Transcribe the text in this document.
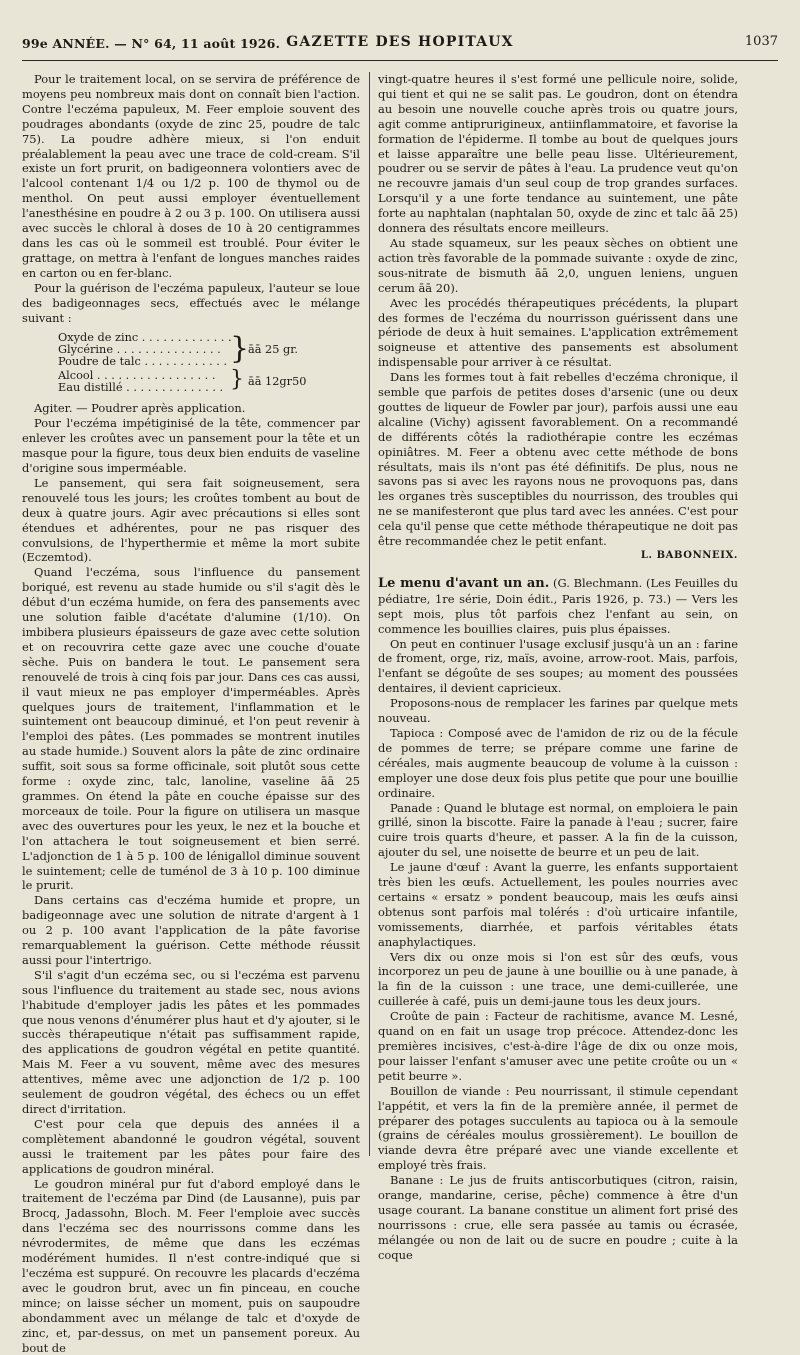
99e ANNÉE. — N° 64, 11 août 1926. GAZETTE DES HOPITAUX	1037

Pour le traitement local, on se servira de préférence de moyens peu nombreux mais dont on connaît bien l'action. Contre l'eczéma papuleux, M. Feer emploie souvent des poudrages abondants (oxyde de zinc 25, poudre de talc 75). La poudre adhère mieux, si l'on enduit préalablement la peau avec une trace de cold-cream. S'il existe un fort prurit, on badigeonnera volontiers avec de l'alcool contenant 1/4 ou 1/2 p. 100 de thymol ou de menthol. On peut aussi employer éventuellement l'anesthésine en poudre à 2 ou 3 p. 100. On utilisera aussi avec succès le chloral à doses de 10 à 20 centigrammes dans les cas où le sommeil est troublé. Pour éviter le grattage, on mettra à l'enfant de longues manches raides en carton ou en fer-blanc.

Pour la guérison de l'eczéma papuleux, l'auteur se loue des badigeonnages secs, effectués avec le mélange suivant :

Oxyde de zinc . . . . . . . . . . . . .
Glycérine . . . . . . . . . . . . . . .
Poudre de talc . . . . . . . . . . . .
Alcool . . . . . . . . . . . . . . . . .
Eau distillé . . . . . . . . . . . . . .
}
}
āā 25 gr.
āā 12gr50

Agiter. — Poudrer après application.

Pour l'eczéma impétiginisé de la tête, commencer par enlever les croûtes avec un pansement pour la tête et un masque pour la figure, tous deux bien enduits de vaseline d'origine sous imperméable.

Le pansement, qui sera fait soigneusement, sera renouvelé tous les jours; les croûtes tombent au bout de deux à quatre jours. Agir avec précautions si elles sont étendues et adhérentes, pour ne pas risquer des convulsions, de l'hyperthermie et même la mort subite (Eczemtod).

Quand l'eczéma, sous l'influence du pansement boriqué, est revenu au stade humide ou s'il s'agit dès le début d'un eczéma humide, on fera des pansements avec une solution faible d'acétate d'alumine (1/10). On imbibera plusieurs épaisseurs de gaze avec cette solution et on recouvrira cette gaze avec une couche d'ouate sèche. Puis on bandera le tout. Le pansement sera renouvelé de trois à cinq fois par jour. Dans ces cas aussi, il vaut mieux ne pas employer d'imperméables. Après quelques jours de traitement, l'inflammation et le suintement ont beaucoup diminué, et l'on peut revenir à l'emploi des pâtes. (Les pommades se montrent inutiles au stade humide.) Souvent alors la pâte de zinc ordinaire suffit, soit sous sa forme officinale, soit plutôt sous cette forme : oxyde zinc, talc, lanoline, vaseline āā 25 grammes. On étend la pâte en couche épaisse sur des morceaux de toile. Pour la figure on utilisera un masque avec des ouvertures pour les yeux, le nez et la bouche et l'on attachera le tout soigneusement et bien serré. L'adjonction de 1 à 5 p. 100 de lénigallol diminue souvent le suintement; celle de tuménol de 3 à 10 p. 100 diminue le prurit.

Dans certains cas d'eczéma humide et propre, un badigeonnage avec une solution de nitrate d'argent à 1 ou 2 p. 100 avant l'application de la pâte favorise remarquablement la guérison. Cette méthode réussit aussi pour l'intertrigo.

S'il s'agit d'un eczéma sec, ou si l'eczéma est parvenu sous l'influence du traitement au stade sec, nous avions l'habitude d'employer jadis les pâtes et les pommades que nous venons d'énumérer plus haut et d'y ajouter, si le succès thérapeutique n'était pas suffisamment rapide, des applications de goudron végétal en petite quantité. Mais M. Feer a vu souvent, même avec des mesures attentives, même avec une adjonction de 1/2 p. 100 seulement de goudron végétal, des échecs ou un effet direct d'irritation.

C'est pour cela que depuis des années il a complètement abandonné le goudron végétal, souvent aussi le traitement par les pâtes pour faire des applications de goudron minéral.

Le goudron minéral pur fut d'abord employé dans le traitement de l'eczéma par Dind (de Lausanne), puis par Brocq, Jadassohn, Bloch. M. Feer l'emploie avec succès dans l'eczéma sec des nourrissons comme dans les névrodermites, de même que dans les eczémas modérément humides. Il n'est contre-indiqué que si l'eczéma est suppuré. On recouvre les placards d'eczéma avec le goudron brut, avec un fin pinceau, en couche mince; on laisse sécher un moment, puis on saupoudre abondamment avec un mélange de talc et d'oxyde de zinc, et, par-dessus, on met un pansement poreux. Au bout de

vingt-quatre heures il s'est formé une pellicule noire, solide, qui tient et qui ne se salit pas. Le goudron, dont on étendra au besoin une nouvelle couche après trois ou quatre jours, agit comme antiprurigineux, antiinflammatoire, et favorise la formation de l'épiderme. Il tombe au bout de quelques jours et laisse apparaître une belle peau lisse. Ultérieurement, poudrer ou se servir de pâtes à l'eau. La prudence veut qu'on ne recouvre jamais d'un seul coup de trop grandes surfaces. Lorsqu'il y a une forte tendance au suintement, une pâte forte au naphtalan (naphtalan 50, oxyde de zinc et talc āā 25) donnera des résultats encore meilleurs.

Au stade squameux, sur les peaux sèches on obtient une action très favorable de la pommade suivante : oxyde de zinc, sous-nitrate de bismuth āā 2,0, unguen leniens, unguen cerum āā 20).

Avec les procédés thérapeutiques précédents, la plupart des formes de l'eczéma du nourrisson guérissent dans une période de deux à huit semaines. L'application extrêmement soigneuse et attentive des pansements est absolument indispensable pour arriver à ce résultat.

Dans les formes tout à fait rebelles d'eczéma chronique, il semble que parfois de petites doses d'arsenic (une ou deux gouttes de liqueur de Fowler par jour), parfois aussi une eau alcaline (Vichy) agissent favorablement. On a recommandé de différents côtés la radiothérapie contre les eczémas opiniâtres. M. Feer a obtenu avec cette méthode de bons résultats, mais ils n'ont pas été définitifs. De plus, nous ne savons pas si avec les rayons nous ne provoquons pas, dans les organes très susceptibles du nourrisson, des troubles qui ne se manifesteront que plus tard avec les années. C'est pour cela qu'il pense que cette méthode thérapeutique ne doit pas être recommandée chez le petit enfant.

L. BABONNEIX.

Le menu d'avant un an. (G. Blechmann. (Les Feuilles du pédiatre, 1re série, Doin édit., Paris 1926, p. 73.) — Vers les sept mois, plus tôt parfois chez l'enfant au sein, on commence les bouillies claires, puis plus épaisses.

On peut en continuer l'usage exclusif jusqu'à un an : farine de froment, orge, riz, maïs, avoine, arrow-root. Mais, parfois, l'enfant se dégoûte de ses soupes; au moment des poussées dentaires, il devient capricieux.

Proposons-nous de remplacer les farines par quelque mets nouveau.

Tapioca : Composé avec de l'amidon de riz ou de la fécule de pommes de terre; se prépare comme une farine de céréales, mais augmente beaucoup de volume à la cuisson : employer une dose deux fois plus petite que pour une bouillie ordinaire.

Panade : Quand le blutage est normal, on emploiera le pain grillé, sinon la biscotte. Faire la panade à l'eau ; sucrer, faire cuire trois quarts d'heure, et passer. A la fin de la cuisson, ajouter du sel, une noisette de beurre et un peu de lait.

Le jaune d'œuf : Avant la guerre, les enfants supportaient très bien les œufs. Actuellement, les poules nourries avec certains « ersatz » pondent beaucoup, mais les œufs ainsi obtenus sont parfois mal tolérés : d'où urticaire infantile, vomissements, diarrhée, et parfois véritables états anaphylactiques.

Vers dix ou onze mois si l'on est sûr des œufs, vous incorporez un peu de jaune à une bouillie ou à une panade, à la fin de la cuisson : une trace, une demi-cuillerée, une cuillerée à café, puis un demi-jaune tous les deux jours.

Croûte de pain : Facteur de rachitisme, avance M. Lesné, quand on en fait un usage trop précoce. Attendez-donc les premières incisives, c'est-à-dire l'âge de dix ou onze mois, pour laisser l'enfant s'amuser avec une petite croûte ou un « petit beurre ».

Bouillon de viande : Peu nourrissant, il stimule cependant l'appétit, et vers la fin de la première année, il permet de préparer des potages succulents au tapioca ou à la semoule (grains de céréales moulus grossièrement). Le bouillon de viande devra être préparé avec une viande excellente et employé très frais.

Banane : Le jus de fruits antiscorbutiques (citron, raisin, orange, mandarine, cerise, pêche) commence à être d'un usage courant. La banane constitue un aliment fort prisé des nourrissons : crue, elle sera passée au tamis ou écrasée, mélangée ou non de lait ou de sucre en poudre ; cuite à la coque
